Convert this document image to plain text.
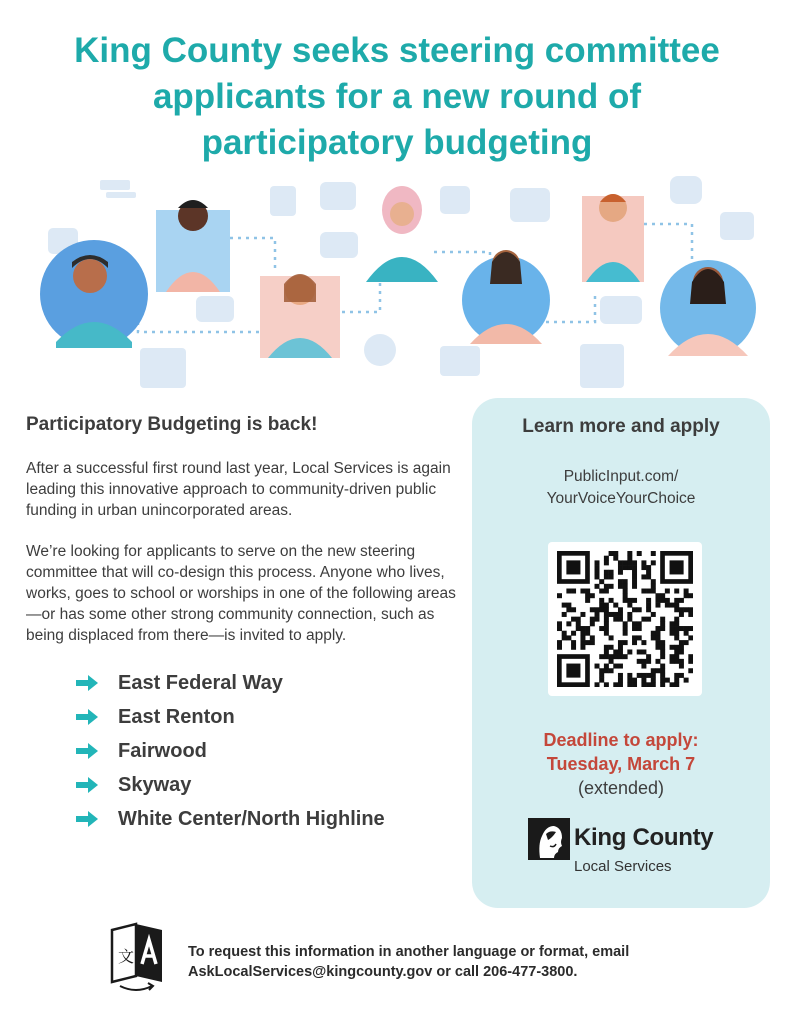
King County seeks steering committee
applicants for a new round of
participatory budgeting
Participatory Budgeting is back!

After a successful first round last year, Local Services is again leading this innovative approach to community-driven public funding in urban unincorporated areas.

We’re looking for applicants to serve on the new steering committee that will co-design this process. Anyone who lives, works, goes to school or worships in one of the following areas—or has some other strong community connection, such as being displaced from there—is invited to apply.

East Federal Way
East Renton
Fairwood
Skyway
White Center/North Highline
Learn more and apply
PublicInput.com/
YourVoiceYourChoice
Deadline to apply:
Tuesday, March 7
(extended)
King County
Local Services
文	To request this information in another language or format, email
AskLocalServices@kingcounty.gov or call 206-477-3800.
